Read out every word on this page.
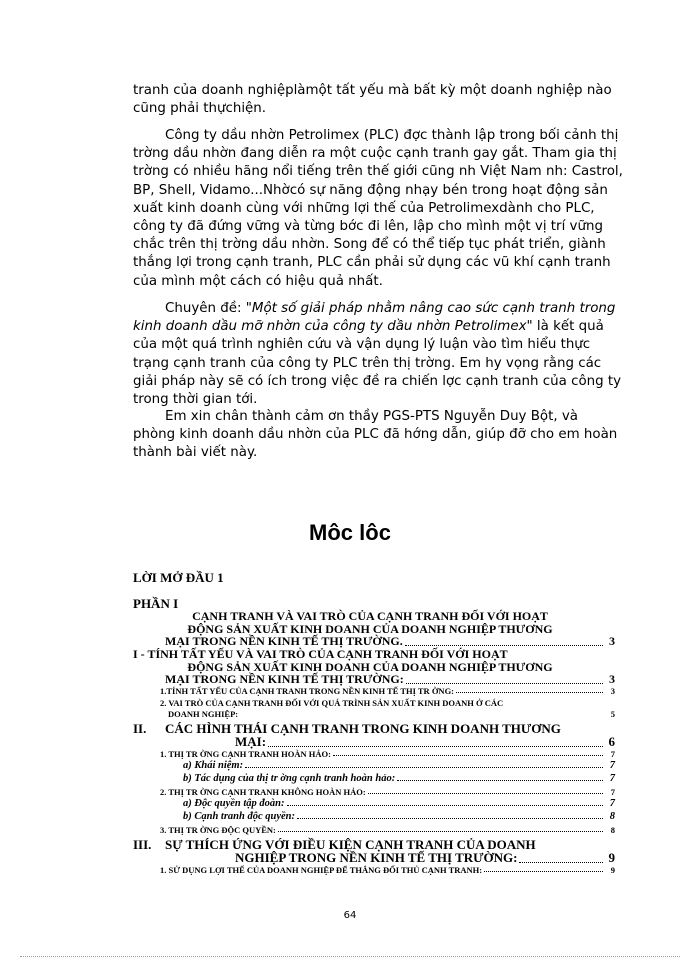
tranh của doanh nghiệplàmột tất yếu mà bất kỳ một doanh nghiệp nào cũng phải thựchiện.

Công ty dầu nhờn Petrolimex (PLC) đợc thành lập trong bối cảnh thị trờng dầu nhờn đang diễn ra một cuộc cạnh tranh gay gắt. Tham gia thị trờng có nhiều hãng nổi tiếng trên thế giới cũng nh Việt Nam nh: Castrol, BP, Shell, Vidamo...Nhờcó sự năng động nhạy bén trong hoạt động sản xuất kinh doanh cùng với những lợi thế của Petrolimexdành cho PLC, công ty đã đứng vững và từng bớc đi lên, lập cho mình một vị trí vững chắc trên thị trờng dầu nhờn. Song để có thể tiếp tục phát triển, giành thắng lợi trong cạnh tranh, PLC cần phải sử dụng các vũ khí cạnh tranh của mình một cách có hiệu quả nhất.

Chuyên đề: "Một số giải pháp nhằm nâng cao sức cạnh tranh trong kinh doanh dầu mỡ nhờn của công ty dầu nhờn Petrolimex" là kết quả của một quá trình nghiên cứu và vận dụng lý luận vào tìm hiểu thực trạng cạnh tranh của công ty PLC trên thị trờng. Em hy vọng rằng các giải pháp này sẽ có ích trong việc đề ra chiến lợc cạnh tranh của công ty trong thời gian tới.

Em xin chân thành cảm ơn thầy PGS-PTS Nguyễn Duy Bột, và phòng kinh doanh dầu nhờn của PLC đã hớng dẫn, giúp đỡ cho em hoàn thành bài viết này.

Môc lôc
LỜI MỞ ĐẦU 1
PHẦN I
CẠNH TRANH VÀ VAI TRÒ CỦA CẠNH TRANH ĐỐI VỚI HOẠT
ĐỘNG SẢN XUẤT KINH DOANH CỦA DOANH NGHIỆP THƯƠNG
MẠI TRONG NỀN KINH TẾ THỊ TRƯỜNG.	3
I - TÍNH TẤT YẾU VÀ VAI TRÒ CỦA CẠNH TRANH ĐỐI VỚI HOẠT
ĐỘNG SẢN XUẤT KINH DOANH CỦA DOANH NGHIỆP THƯƠNG
MẠI TRONG NỀN KINH TẾ THỊ TRƯỜNG:	3
1.TÍNH TẤT YẾU CỦA CẠNH TRANH TRONG NỀN KINH TẾ THỊ TR ỜNG:	3
2. VAI TRÒ CỦA CẠNH TRANH ĐỐI VỚI QUÁ TRÌNH SẢN XUẤT KINH DOANH Ở CÁC
DOANH NGHIỆP:	5
II. CÁC HÌNH THÁI CẠNH TRANH TRONG KINH DOANH THƯƠNG
MẠI:	6
1. THỊ TR ỜNG CẠNH TRANH HOÀN HẢO:	7
a) Khái niệm:	7
b) Tác dụng của thị tr ờng cạnh tranh hoàn hảo:	7
2. THỊ TR ỜNG CẠNH TRANH KHÔNG HOÀN HẢO:	7
a) Độc quyền tập đoàn:	7
b) Cạnh tranh độc quyền:	8
3. THỊ TR ỜNG ĐỘC QUYỀN:	8
III. SỰ THÍCH ỨNG VỚI ĐIỀU KIỆN CẠNH TRANH CỦA DOANH
NGHIỆP TRONG NỀN KINH TẾ THỊ TRƯỜNG:	9
1. SỬ DỤNG LỢI THẾ CỦA DOANH NGHIỆP ĐỂ THẮNG ĐỐI THỦ CẠNH TRANH:	9
64
